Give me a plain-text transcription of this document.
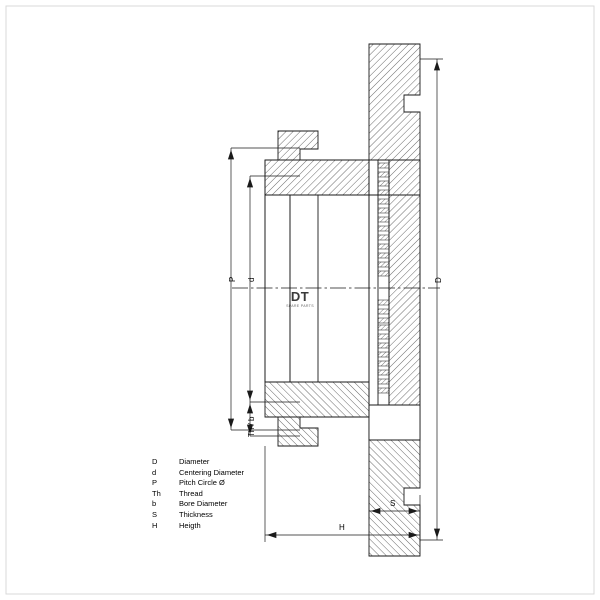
P d	D
Th / b
S
H
DT
SPARE PARTS
D	Diameter
d	Centering Diameter
P	Pitch Circle Ø
Th	Thread
b	Bore Diameter
S	Thickness
H	Heigth
